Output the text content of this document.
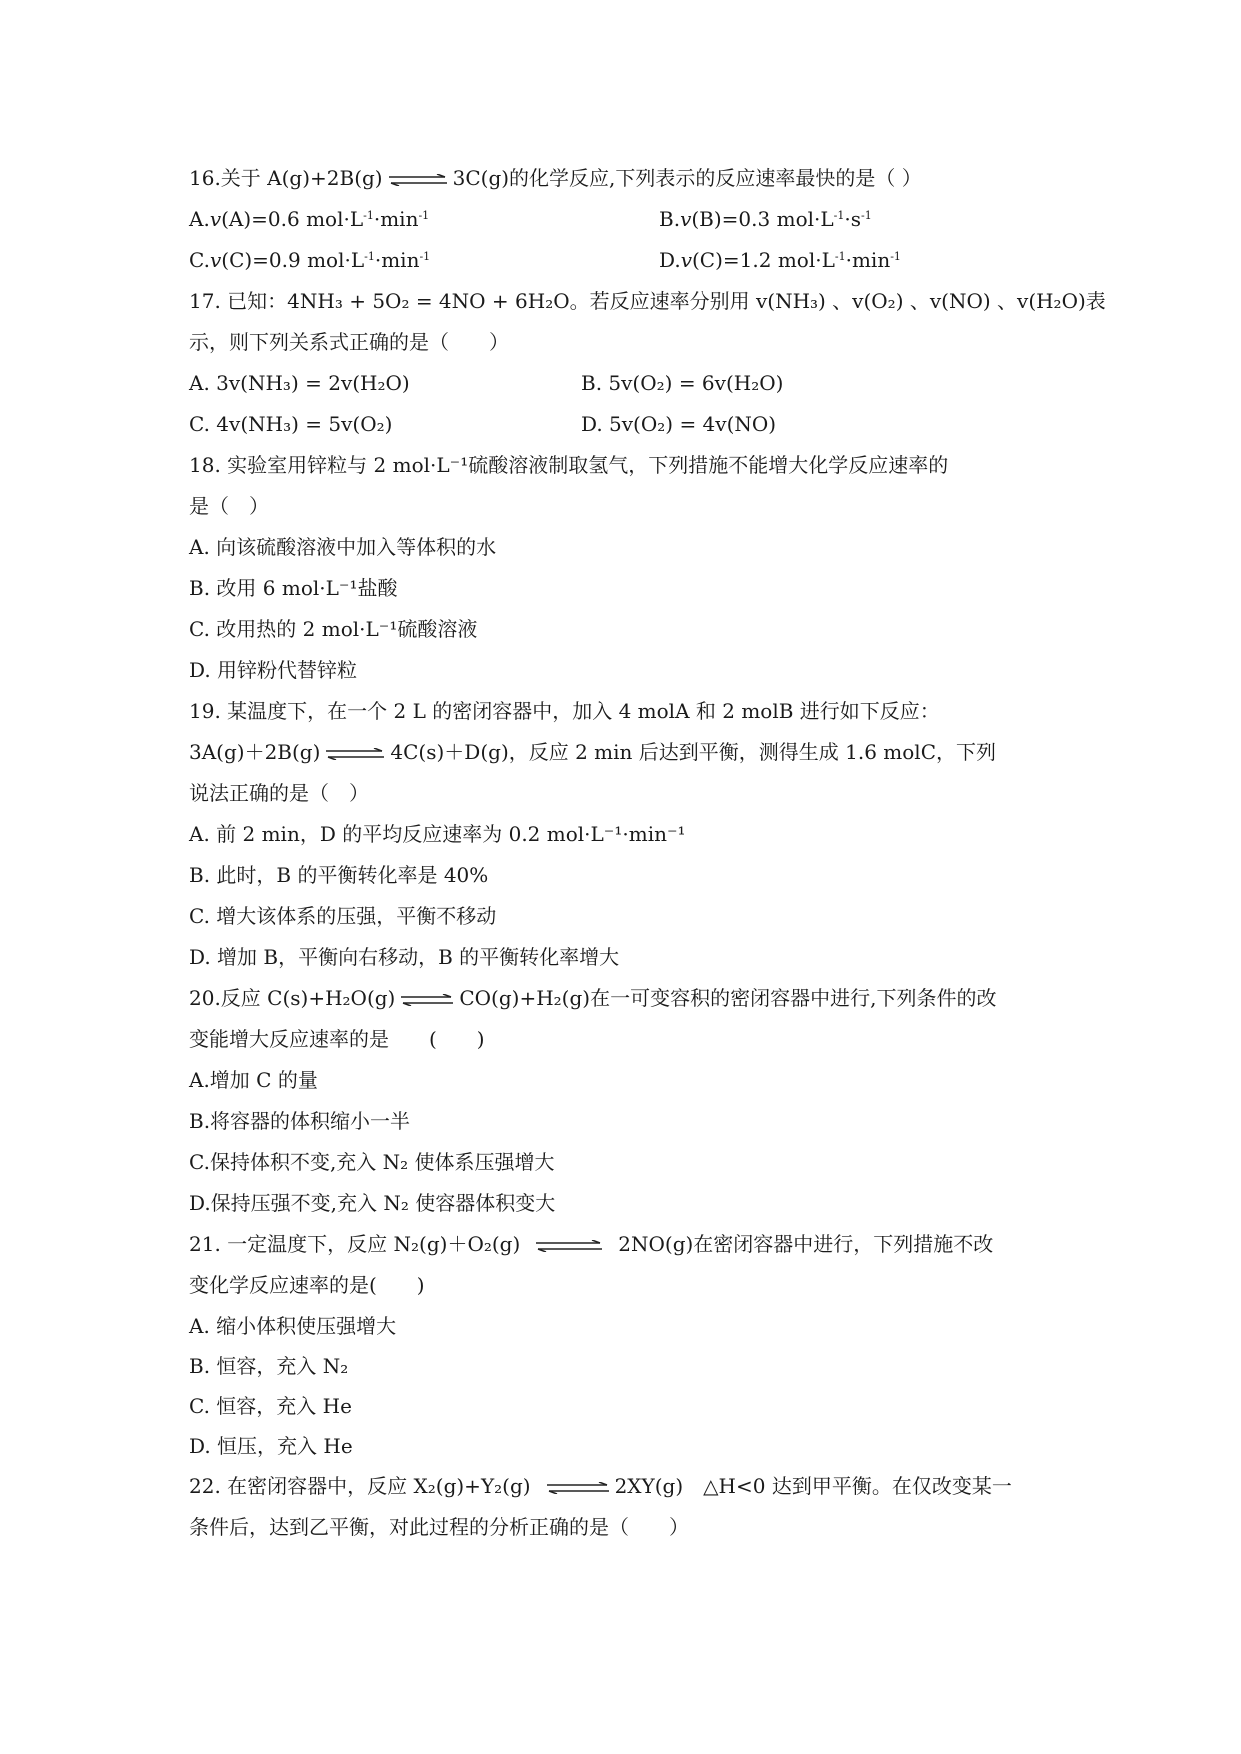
16.关于 A(g)+2B(g) ⇌ 3C(g)的化学反应,下列表示的反应速率最快的是（ ）
A.v(A)=0.6 $mol\cdot L^{-1}\cdot\min^{-1}$	B.v(B)=0.3 $mol\cdot L^{-1}\cdot s^{-1}$
C.v(C)=0.9 $mol\cdot L^{-1}\cdot\min^{-1}$	D.v(C)=1.2 $mol\cdot L^{-1}\cdot\min^{-1}$
17. 已知：4NH₃ + 5O₂ = 4NO + 6H₂O。若反应速率分别用 v(NH₃) 、v(O₂) 、v(NO) 、v(H₂O)表
示，则下列关系式正确的是（　　）
A. 3v(NH₃) = 2v(H₂O)	B. 5v(O₂) = 6v(H₂O)
C. 4v(NH₃) = 5v(O₂)	D. 5v(O₂) = 4v(NO)
18. 实验室用锌粒与 2 mol·L⁻¹硫酸溶液制取氢气，下列措施不能增大化学反应速率的
是（　）
A. 向该硫酸溶液中加入等体积的水
B. 改用 6 mol·L⁻¹盐酸
C. 改用热的 2 mol·L⁻¹硫酸溶液
D. 用锌粉代替锌粒
19. 某温度下，在一个 2 L 的密闭容器中，加入 4 molA 和 2 molB 进行如下反应：
3A(g)＋2B(g) ⇌ 4C(s)＋D(g)，反应 2 min 后达到平衡，测得生成 1.6 molC，下列
说法正确的是（　）
A. 前 2 min，D 的平均反应速率为 0.2 mol·L⁻¹·min⁻¹
B. 此时，B 的平衡转化率是 40%
C. 增大该体系的压强，平衡不移动
D. 增加 B，平衡向右移动，B 的平衡转化率增大
20.反应 C(s)+H₂O(g) ⇌ CO(g)+H₂(g)在一可变容积的密闭容器中进行,下列条件的改
变能增大反应速率的是　　(　　)
A.增加 C 的量
B.将容器的体积缩小一半
C.保持体积不变,充入 N₂ 使体系压强增大
D.保持压强不变,充入 N₂ 使容器体积变大
21. 一定温度下，反应 N₂(g)＋O₂(g) ⇌ 2NO(g)在密闭容器中进行，下列措施不改
变化学反应速率的是(　　)
A. 缩小体积使压强增大
B. 恒容，充入 N₂
C. 恒容，充入 He
D. 恒压，充入 He
22. 在密闭容器中，反应 X₂(g)+Y₂(g) ⇌ 2XY(g)　△H<0 达到甲平衡。在仅改变某一
条件后，达到乙平衡，对此过程的分析正确的是（　　）
